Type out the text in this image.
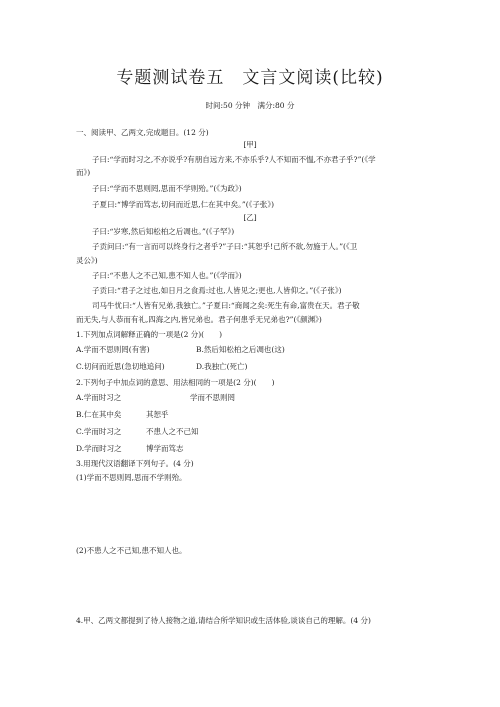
专题测试卷五　文言文阅读(比较)
时间:50 分钟　满分:80 分
一、阅读甲、乙两文,完成题目。(12 分)
[甲]
子曰:“学而时习之,不亦说乎?有朋自远方来,不亦乐乎?人不知而不愠,不亦君子乎?”(《学
而》)
子曰:“学而不思则罔,思而不学则殆。”(《为政》)
子夏曰:“博学而笃志,切问而近思,仁在其中矣。”(《子张》)
[乙]
子曰:“岁寒,然后知松柏之后凋也。”(《子罕》)
子贡问曰:“有一言而可以终身行之者乎?”子曰:“其恕乎!己所不欲,勿施于人。”(《卫
灵公》)
子曰:“不患人之不己知,患不知人也。”(《学而》)
子贡曰:“君子之过也,如日月之食焉:过也,人皆见之;更也,人皆仰之。”(《子张》)
司马牛忧曰:“人皆有兄弟,我独亡。”子夏曰:“商闻之矣:死生有命,富贵在天。君子敬
而无失,与人恭而有礼,四海之内,皆兄弟也。君子何患乎无兄弟也?”(《颜渊》)
1.下列加点词解释正确的一项是(2 分)(　　)
A.学而不思则罔(有害)	B.然后知松柏之后凋也(这)
C.切问而近思(急切地追问)	D.我独亡(死亡)
2.下列句子中加点词的意思、用法相同的一项是(2 分)(　　)
A.学而时习之	学而不思则罔
B.仁在其中矣	其恕乎
C.学而时习之	不患人之不己知
D.学而时习之	博学而笃志
3.用现代汉语翻译下列句子。(4 分)
(1)学而不思则罔,思而不学则殆。
(2)不患人之不己知,患不知人也。
4.甲、乙两文都提到了待人接物之道,请结合所学知识或生活体验,谈谈自己的理解。(4 分)
